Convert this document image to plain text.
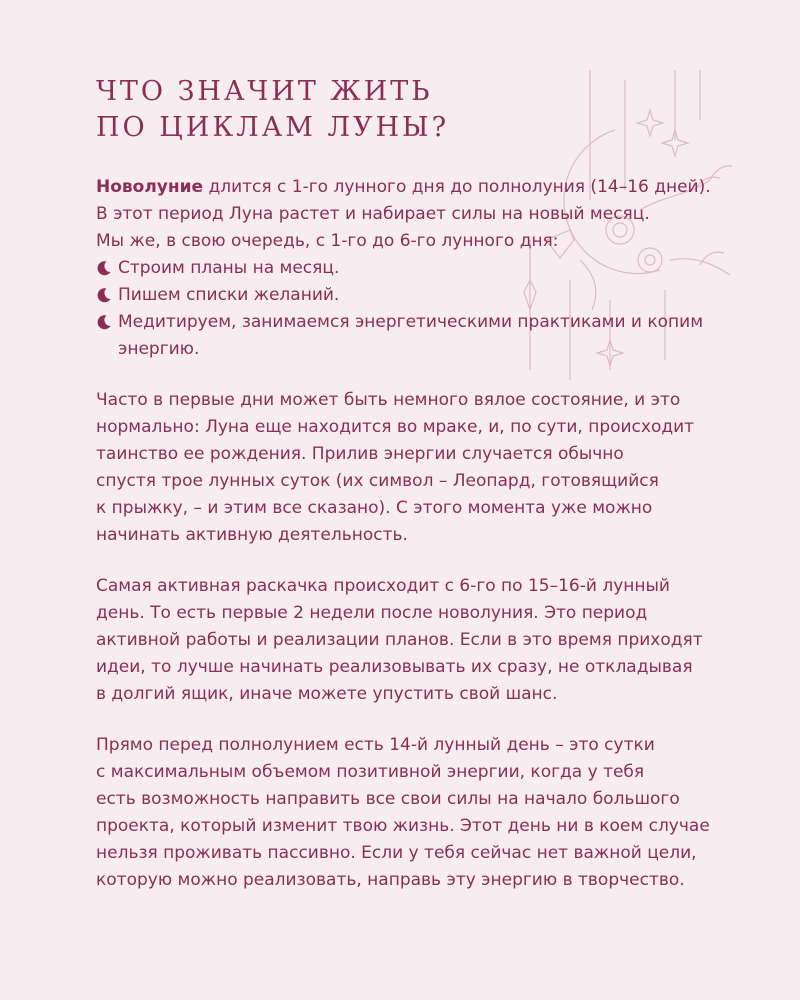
ЧТО ЗНАЧИТ ЖИТЬ
ПО ЦИКЛАМ ЛУНЫ?
Новолуние длится с 1-го лунного дня до полнолуния (14–16 дней).
В этот период Луна растет и набирает силы на новый месяц.
Мы же, в свою очередь, с 1-го до 6-го лунного дня:
Строим планы на месяц.
Пишем списки желаний.
Медитируем, занимаемся энергетическими практиками и копим
энергию.
Часто в первые дни может быть немного вялое состояние, и это
нормально: Луна еще находится во мраке, и, по сути, происходит
таинство ее рождения. Прилив энергии случается обычно
спустя трое лунных суток (их символ – Леопард, готовящийся
к прыжку, – и этим все сказано). С этого момента уже можно
начинать активную деятельность.
Самая активная раскачка происходит с 6-го по 15–16-й лунный
день. То есть первые 2 недели после новолуния. Это период
активной работы и реализации планов. Если в это время приходят
идеи, то лучше начинать реализовывать их сразу, не откладывая
в долгий ящик, иначе можете упустить свой шанс.
Прямо перед полнолунием есть 14-й лунный день – это сутки
с максимальным объемом позитивной энергии, когда у тебя
есть возможность направить все свои силы на начало большого
проекта, который изменит твою жизнь. Этот день ни в коем случае
нельзя проживать пассивно. Если у тебя сейчас нет важной цели,
которую можно реализовать, направь эту энергию в творчество.
